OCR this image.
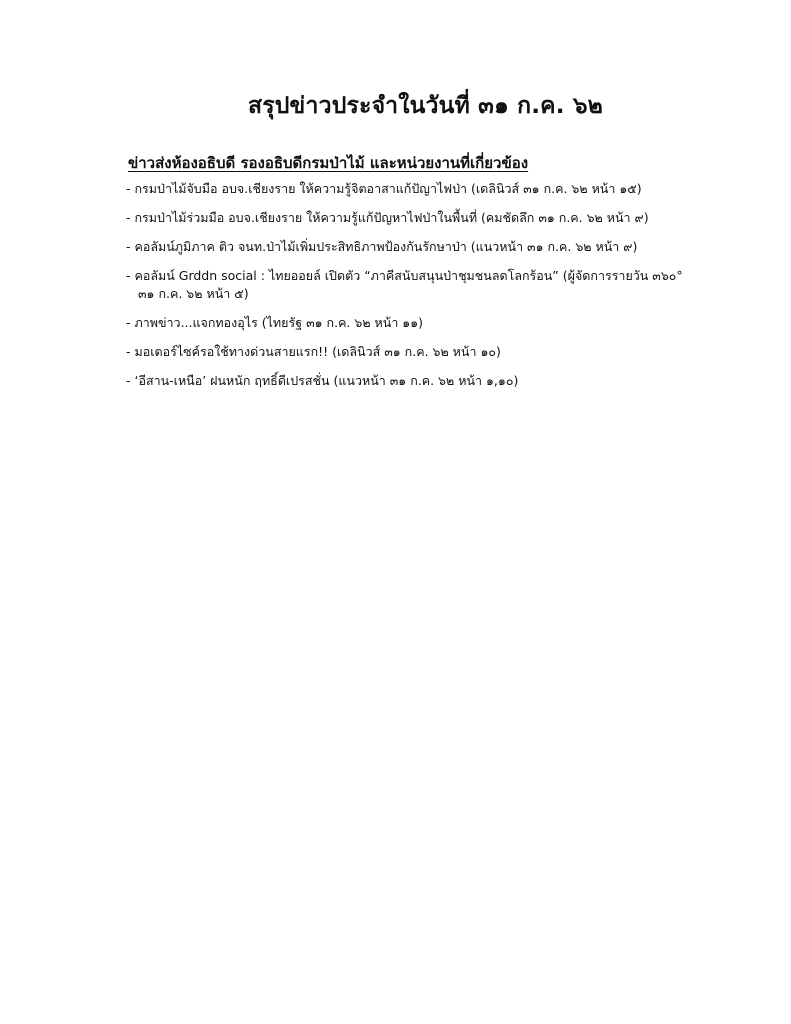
สรุปข่าวประจำในวันที่ ๓๑ ก.ค. ๖๒
ข่าวส่งห้องอธิบดี รองอธิบดีกรมป่าไม้ และหน่วยงานที่เกี่ยวข้อง
- กรมป่าไม้จับมือ อบจ.เชียงราย ให้ความรู้จิตอาสาแก้ปัญาไฟป่า (เดลินิวส์ ๓๑ ก.ค. ๖๒ หน้า ๑๕)
- กรมป่าไม้ร่วมมือ อบจ.เชียงราย ให้ความรู้แก้ปัญหาไฟป่าในพื้นที่ (คมชัดลึก ๓๑ ก.ค. ๖๒ หน้า ๙)
- คอลัมน์ภูมิภาค ติว จนท.ป่าไม้เพิ่มประสิทธิภาพป้องกันรักษาป่า (แนวหน้า ๓๑ ก.ค. ๖๒ หน้า ๙)
- คอลัมน์ Grddn social : ไทยออยล์ เปิดตัว “ภาคีสนับสนุนป่าชุมชนลดโลกร้อน” (ผู้จัดการรายวัน ๓๖๐°
๓๑ ก.ค. ๖๒ หน้า ๕)
- ภาพข่าว...แจกทองอุไร (ไทยรัฐ ๓๑ ก.ค. ๖๒ หน้า ๑๑)
- มอเตอร์ไซค์รอใช้ทางด่วนสายแรก!! (เดลินิวส์ ๓๑ ก.ค. ๖๒ หน้า ๑๐)
- ‘อีสาน-เหนือ’ ฝนหนัก ฤทธิ์ดีเปรสชั่น (แนวหน้า ๓๑ ก.ค. ๖๒ หน้า ๑,๑๐)
